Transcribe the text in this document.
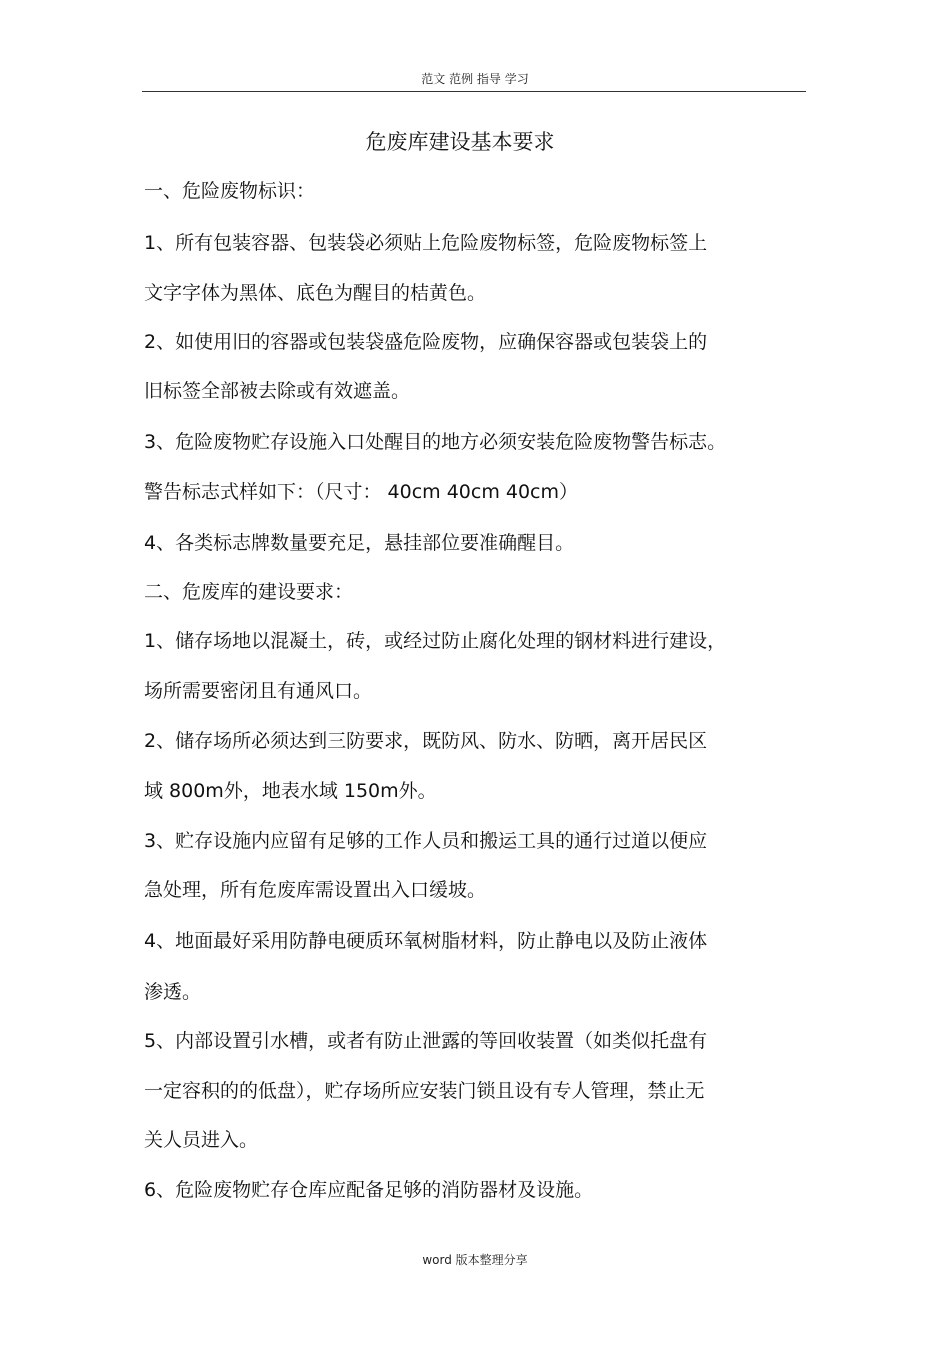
范文 范例 指导 学习
危废库建设基本要求

一、危险废物标识：

1、所有包装容器、包装袋必须贴上危险废物标签，危险废物标签上

文字字体为黑体、底色为醒目的桔黄色。

2、如使用旧的容器或包装袋盛危险废物，应确保容器或包装袋上的

旧标签全部被去除或有效遮盖。

3、危险废物贮存设施入口处醒目的地方必须安装危险废物警告标志。

警告标志式样如下：（尺寸： 40cm 40cm 40cm）

4、各类标志牌数量要充足，悬挂部位要准确醒目。

二、危废库的建设要求：

1、储存场地以混凝土，砖，或经过防止腐化处理的钢材料进行建设，

场所需要密闭且有通风口。

2、储存场所必须达到三防要求，既防风、防水、防晒，离开居民区

域 800m外，地表水域 150m外。

3、贮存设施内应留有足够的工作人员和搬运工具的通行过道以便应

急处理，所有危废库需设置出入口缓坡。

4、地面最好采用防静电硬质环氧树脂材料，防止静电以及防止液体

渗透。

5、内部设置引水槽，或者有防止泄露的等回收装置（如类似托盘有

一定容积的的低盘），贮存场所应安装门锁且设有专人管理，禁止无

关人员进入。

6、危险废物贮存仓库应配备足够的消防器材及设施。

word 版本整理分享
